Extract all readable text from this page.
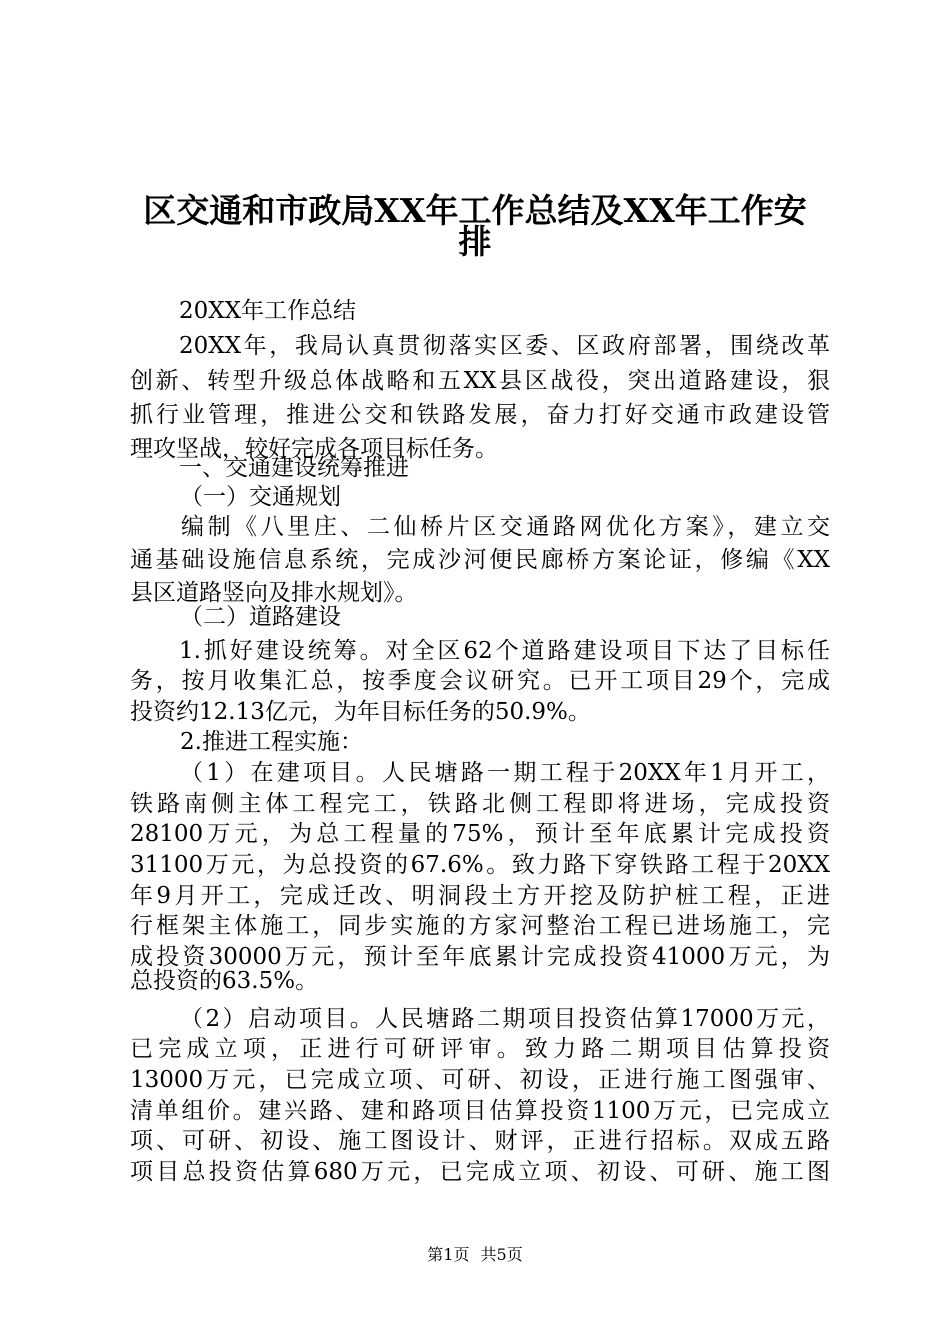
区交通和市政局XX年工作总结及XX年工作安
排

20XX年工作总结

20XX年，我局认真贯彻落实区委、区政府部署，围绕改革

创新、转型升级总体战略和五XX县区战役，突出道路建设，狠

抓行业管理，推进公交和铁路发展，奋力打好交通市政建设管

理攻坚战，较好完成各项目标任务。

一、交通建设统筹推进

（一）交通规划

编制《八里庄、二仙桥片区交通路网优化方案》，建立交

通基础设施信息系统，完成沙河便民廊桥方案论证，修编《XX

县区道路竖向及排水规划》。

（二）道路建设

1.抓好建设统筹。对全区62个道路建设项目下达了目标任

务，按月收集汇总，按季度会议研究。已开工项目29个，完成

投资约12.13亿元，为年目标任务的50.9%。

2.推进工程实施：

（1）在建项目。人民塘路一期工程于20XX年1月开工，

铁路南侧主体工程完工，铁路北侧工程即将进场，完成投资

28100万元，为总工程量的75%，预计至年底累计完成投资

31100万元，为总投资的67.6%。致力路下穿铁路工程于20XX

年9月开工，完成迁改、明洞段土方开挖及防护桩工程，正进

行框架主体施工，同步实施的方家河整治工程已进场施工，完

成投资30000万元，预计至年底累计完成投资41000万元，为

总投资的63.5%。

（2）启动项目。人民塘路二期项目投资估算17000万元，

已完成立项，正进行可研评审。致力路二期项目估算投资

13000万元，已完成立项、可研、初设，正进行施工图强审、

清单组价。建兴路、建和路项目估算投资1100万元，已完成立

项、可研、初设、施工图设计、财评，正进行招标。双成五路

项目总投资估算680万元，已完成立项、初设、可研、施工图

第1页 共5页
